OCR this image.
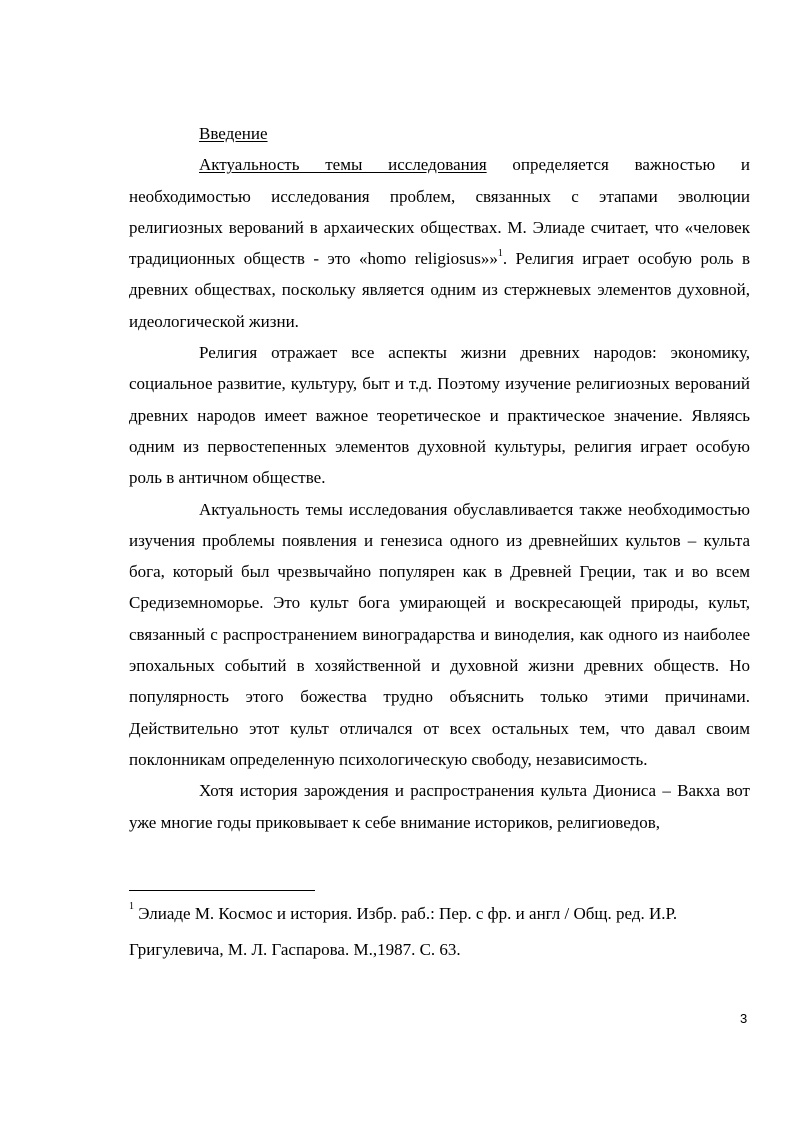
Введение

Актуальность темы исследования определяется важностью и необходимостью исследования проблем, связанных с этапами эволюции религиозных верований в архаических обществах. М. Элиаде считает, что «человек традиционных обществ - это «homo religiosus»»$^1$. Религия играет особую роль в древних обществах, поскольку является одним из стержневых элементов духовной, идеологической жизни.

Религия отражает все аспекты жизни древних народов: экономику, социальное развитие, культуру, быт и т.д. Поэтому изучение религиозных верований древних народов имеет важное теоретическое и практическое значение. Являясь одним из первостепенных элементов духовной культуры, религия играет особую роль в античном обществе.

Актуальность темы исследования обуславливается также необходимостью изучения проблемы появления и генезиса одного из древнейших культов – культа бога, который был чрезвычайно популярен как в Древней Греции, так и во всем Средиземноморье. Это культ бога умирающей и воскресающей природы, культ, связанный с распространением виноградарства и виноделия, как одного из наиболее эпохальных событий в хозяйственной и духовной жизни древних обществ. Но популярность этого божества трудно объяснить только этими причинами. Действительно этот культ отличался от всех остальных тем, что давал своим поклонникам определенную психологическую свободу, независимость.

Хотя история зарождения и распространения культа Диониса – Вакха вот уже многие годы приковывает к себе внимание историков, религиоведов,

$^1$ Элиаде М. Космос и история. Избр. раб.: Пер. с фр. и англ / Общ. ред. И.Р. Григулевича, М. Л. Гаспарова. М.,1987. С. 63.
3
